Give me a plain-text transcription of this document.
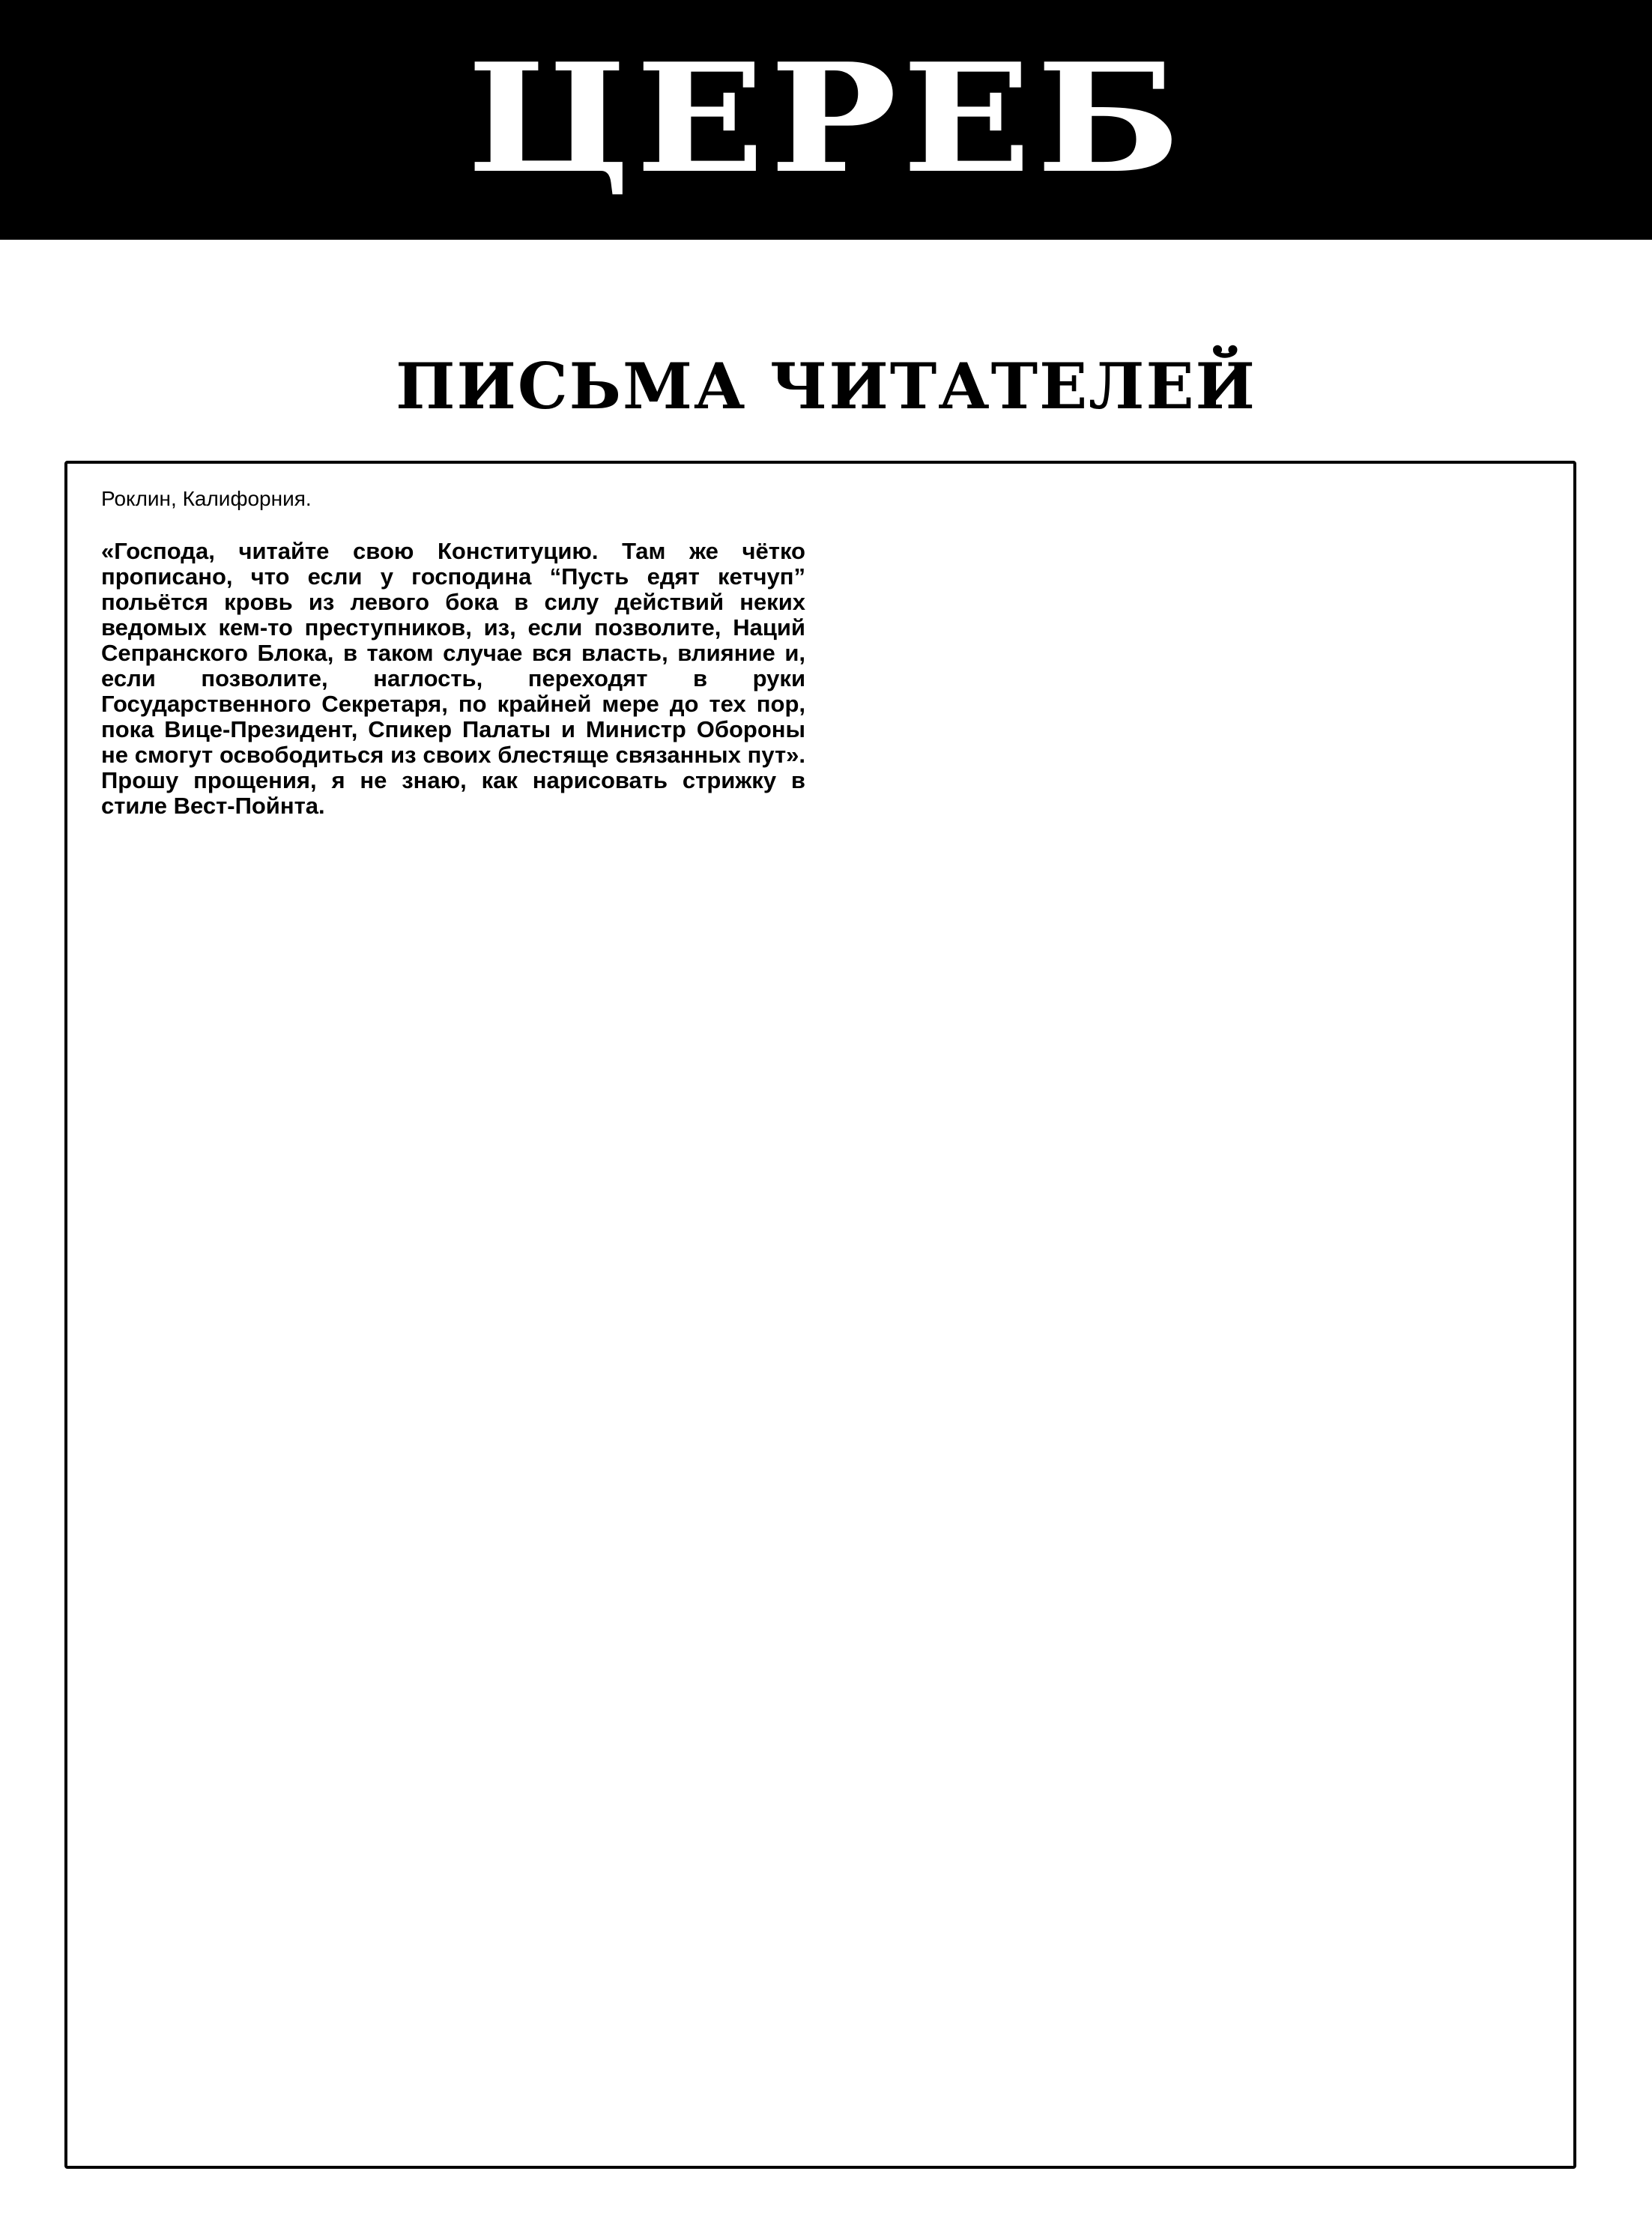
ЦЕРЕБ
ПИСЬМА ЧИТАТЕЛЕЙ

Роклин, Калифорния.

«Господа, читайте свою Конституцию. Там же чётко прописано, что если у господина “Пусть едят кетчуп” польётся кровь из левого бока в силу действий неких ведомых кем-то преступников, из, если позволите, Наций Сепранского Блока, в таком случае вся власть, влияние и, если позволите, наглость, переходят в руки Государственного Секретаря, по крайней мере до тех пор, пока Вице-Президент, Спикер Палаты и Министр Обороны не смогут освободиться из своих блестяще связанных пут». Прошу прощения, я не знаю, как нарисовать стрижку в стиле Вест-Пойнта.
